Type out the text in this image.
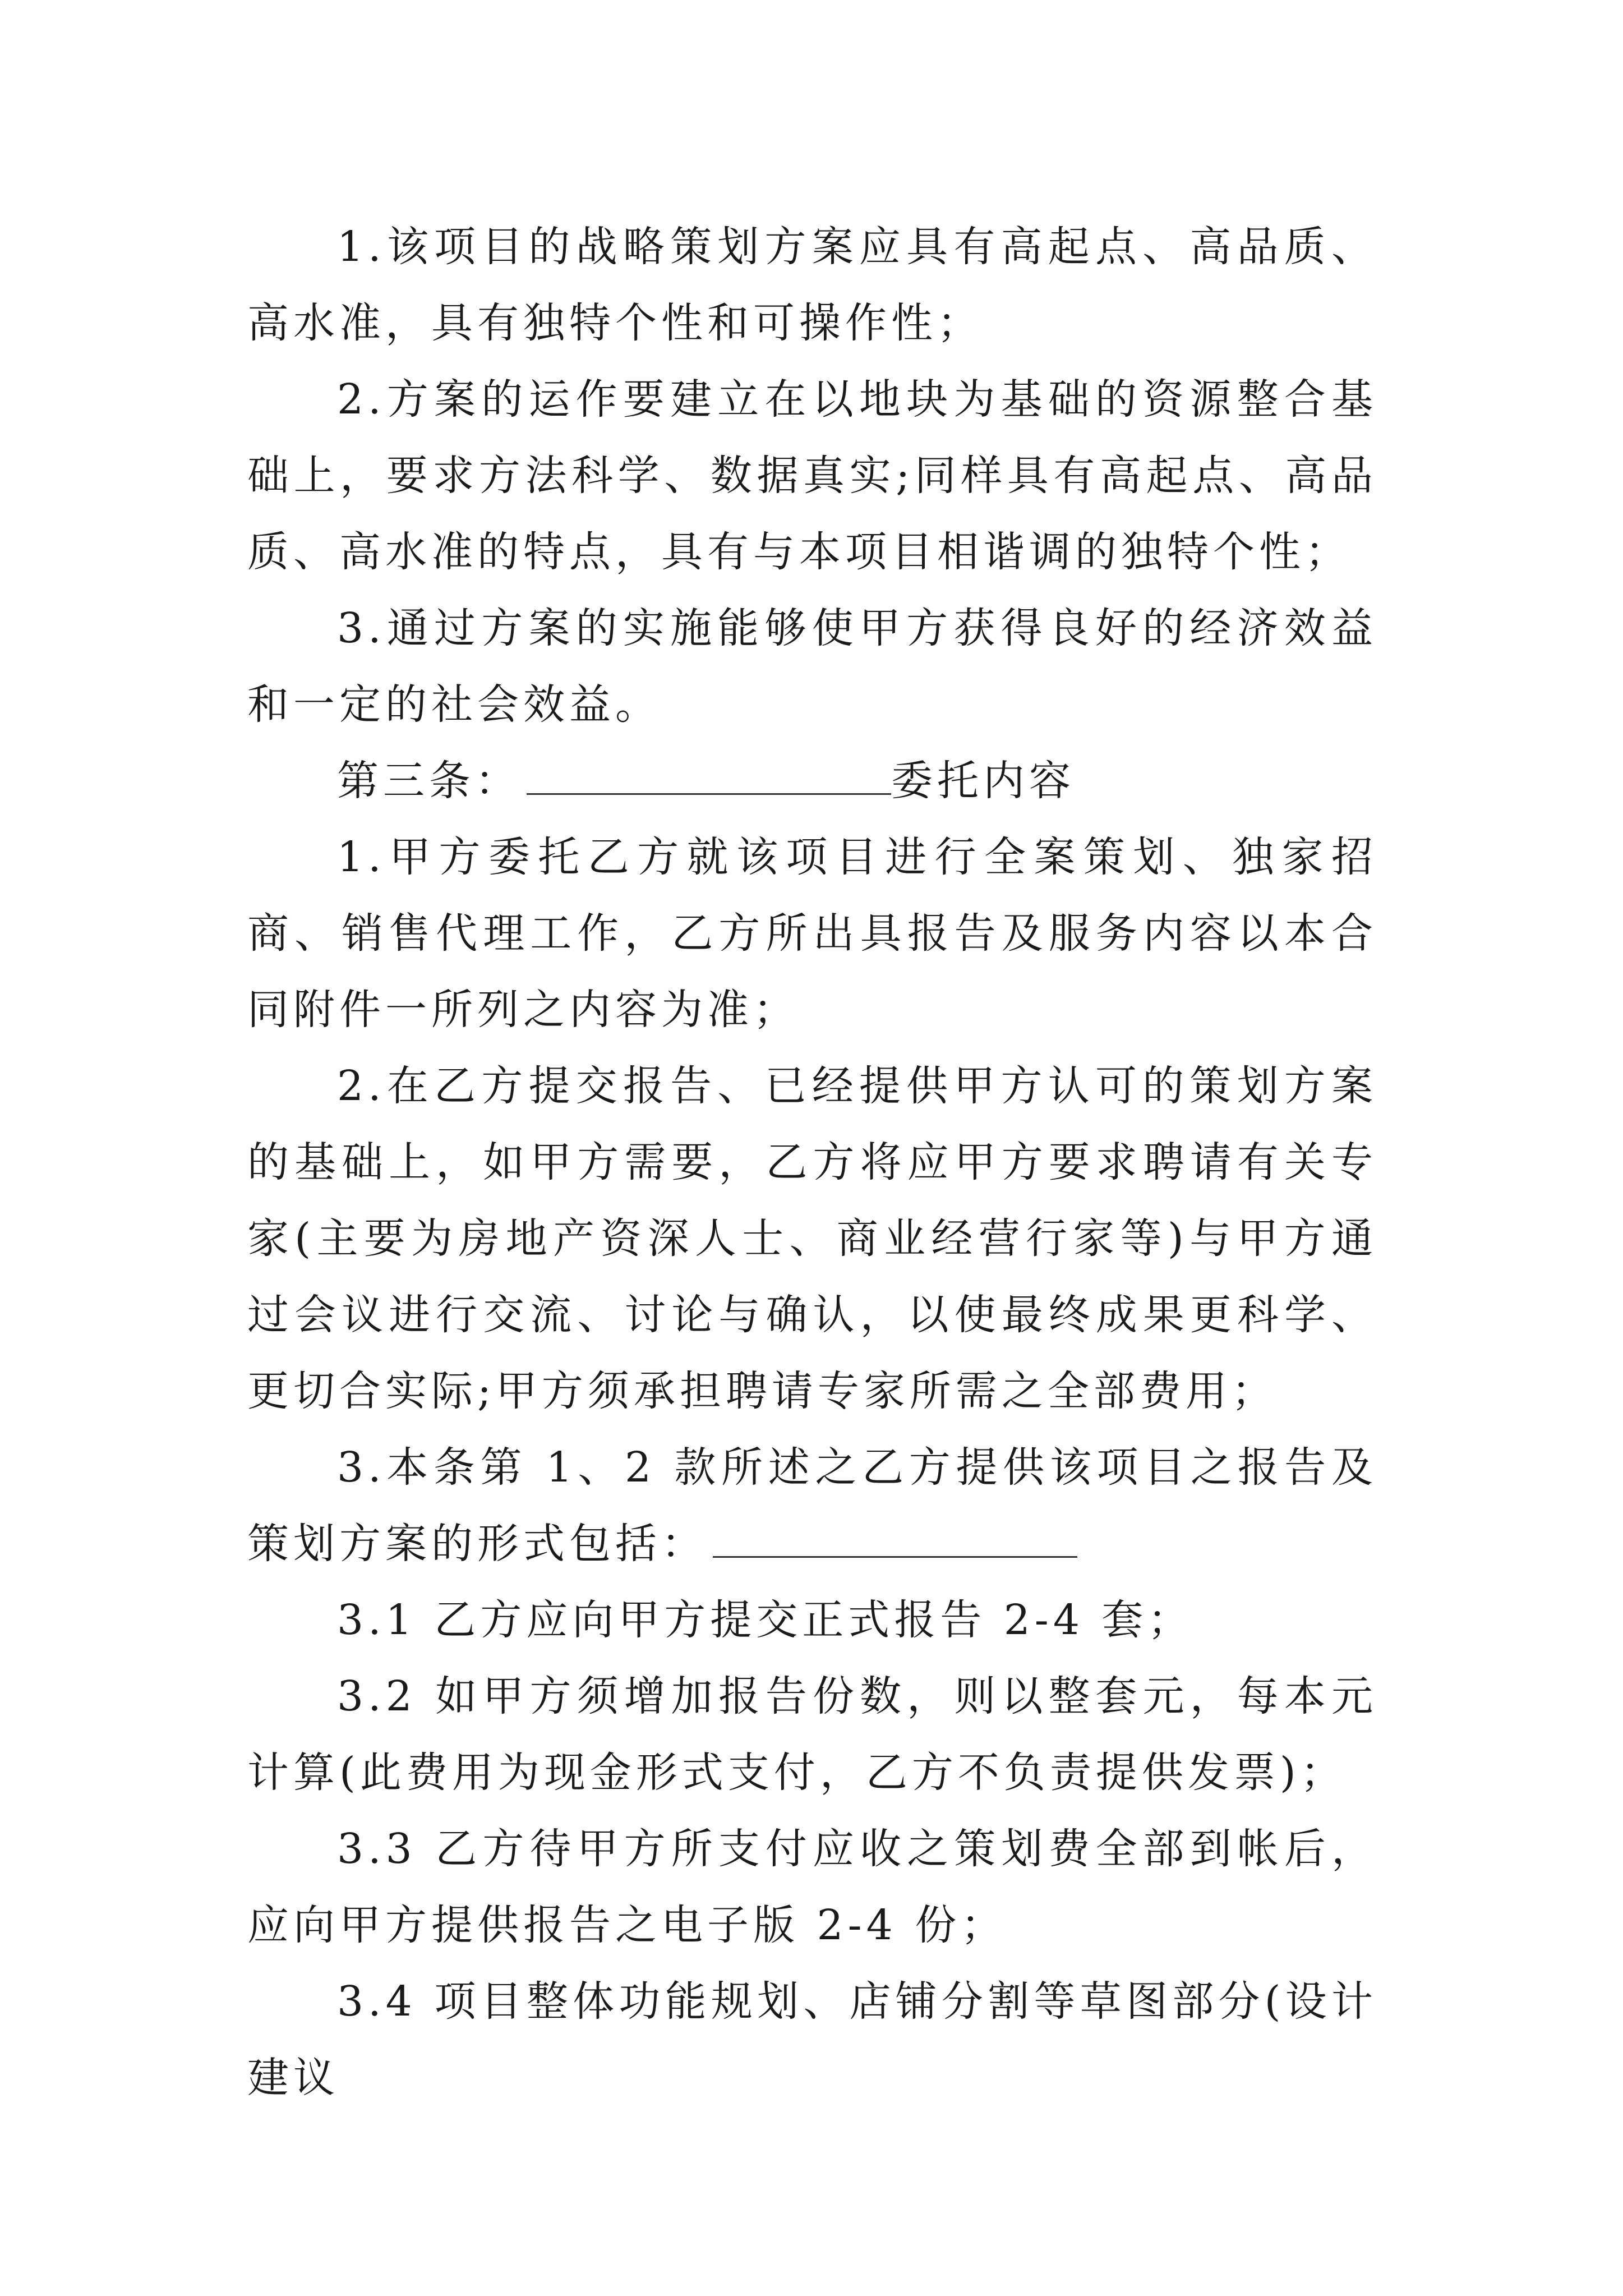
1.该项目的战略策划方案应具有高起点、高品质、高水准，具有独特个性和可操作性；

2.方案的运作要建立在以地块为基础的资源整合基础上，要求方法科学、数据真实;同样具有高起点、高品质、高水准的特点，具有与本项目相谐调的独特个性；

3.通过方案的实施能够使甲方获得良好的经济效益和一定的社会效益。

第三条：	委托内容

1.甲方委托乙方就该项目进行全案策划、独家招商、销售代理工作，乙方所出具报告及服务内容以本合同附件一所列之内容为准；

2.在乙方提交报告、已经提供甲方认可的策划方案的基础上，如甲方需要，乙方将应甲方要求聘请有关专家(主要为房地产资深人士、商业经营行家等)与甲方通过会议进行交流、讨论与确认，以使最终成果更科学、更切合实际;甲方须承担聘请专家所需之全部费用；

3.本条第 1、2 款所述之乙方提供该项目之报告及策划方案的形式包括：

3.1 乙方应向甲方提交正式报告 2-4 套；

3.2 如甲方须增加报告份数，则以整套元，每本元计算(此费用为现金形式支付，乙方不负责提供发票)；

3.3 乙方待甲方所支付应收之策划费全部到帐后，应向甲方提供报告之电子版 2-4 份；

3.4 项目整体功能规划、店铺分割等草图部分(设计建议
